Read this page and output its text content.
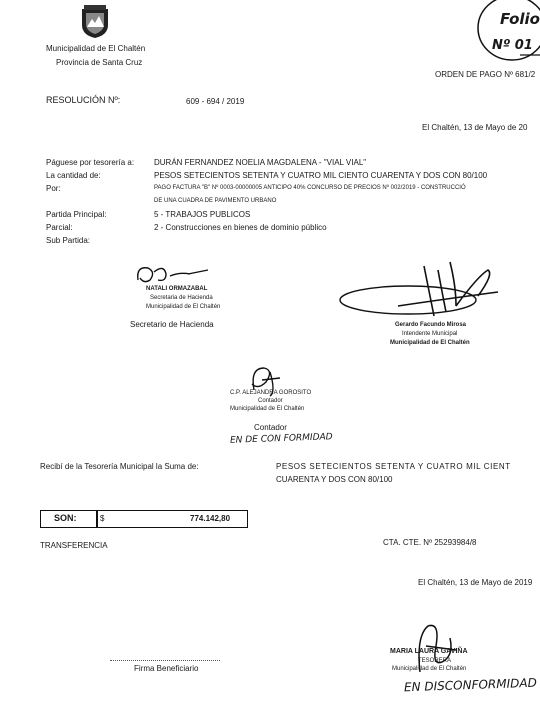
Municipalidad de El Chaltén
Provincia de Santa Cruz
Folio
Nº 01
ORDEN DE PAGO Nº 681/2
RESOLUCIÓN Nº:	609 - 694 / 2019
El Chaltén, 13 de Mayo de 20
Páguese por tesorería a: DURÁN FERNANDEZ NOELIA MAGDALENA - "VIAL VIAL"
La cantidad de:	PESOS SETECIENTOS SETENTA Y CUATRO MIL CIENTO CUARENTA Y DOS CON 80/100
Por:	PAGO FACTURA "B" Nº 0003-00000005 ANTICIPO 40% CONCURSO DE PRECIOS Nº 002/2019 - CONSTRUCCIÓ
DE UNA CUADRA DE PAVIMENTO URBANO
Partida Principal:	5 - TRABAJOS PUBLICOS
Parcial:	2 - Construcciones en bienes de dominio público
Sub Partida:
NATALI ORMAZABAL
Secretaria de Hacienda
Municipalidad de El Chaltén
Secretario de Hacienda	Gerardo Facundo Mirosa
Intendente Municipal
Municipalidad de El Chaltén
C.P. ALEJANDRA GOROSITO
Contador
Municipalidad de El Chaltén
Contador
EN DE CON FORMIDAD
Recibí de la Tesorería Municipal la Suma de:	PESOS SETECIENTOS SETENTA Y CUATRO MIL CIENT
CUARENTA Y DOS CON 80/100
SON:	$	774.142,80
TRANSFERENCIA	CTA. CTE. Nº 25293984/8
El Chaltén, 13 de Mayo de 2019
Firma Beneficiario
MARIA LAURA GAVIÑA
TESORERA
Municipalidad de El Chaltén
EN DISCONFORMIDAD
